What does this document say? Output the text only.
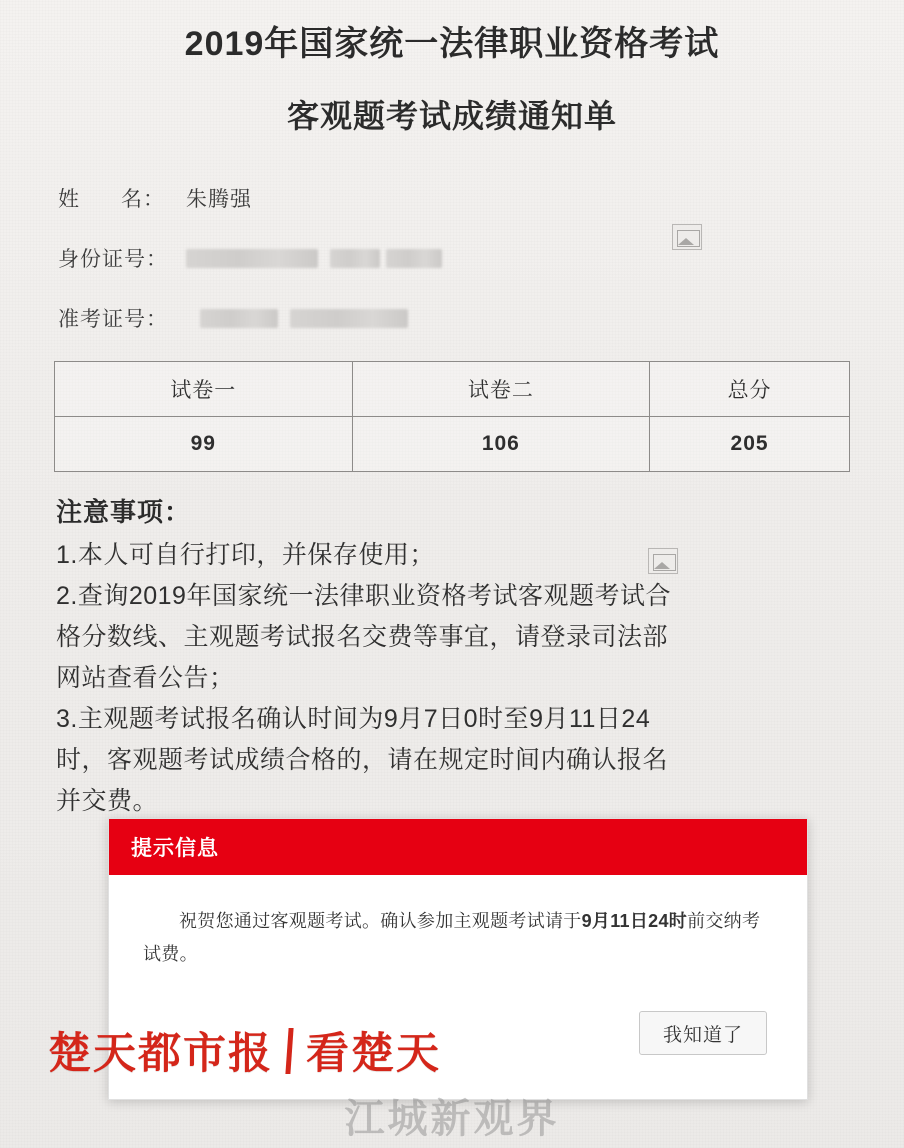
2019年国家统一法律职业资格考试
客观题考试成绩通知单
姓      名： 朱腾强
身份证号：
准考证号：
试卷一	试卷二	总分
99	106	205
注意事项：
1.本人可自行打印，并保存使用；
2.查询2019年国家统一法律职业资格考试客观题考试合
格分数线、主观题考试报名交费等事宜，请登录司法部
网站查看公告；
3.主观题考试报名确认时间为9月7日0时至9月11日24
时，客观题考试成绩合格的，请在规定时间内确认报名
并交费。
提示信息

祝贺您通过客观题考试。确认参加主观题考试请于9月11日24时前交纳考试费。

我知道了
楚天都市报 看楚天
江城新观界
